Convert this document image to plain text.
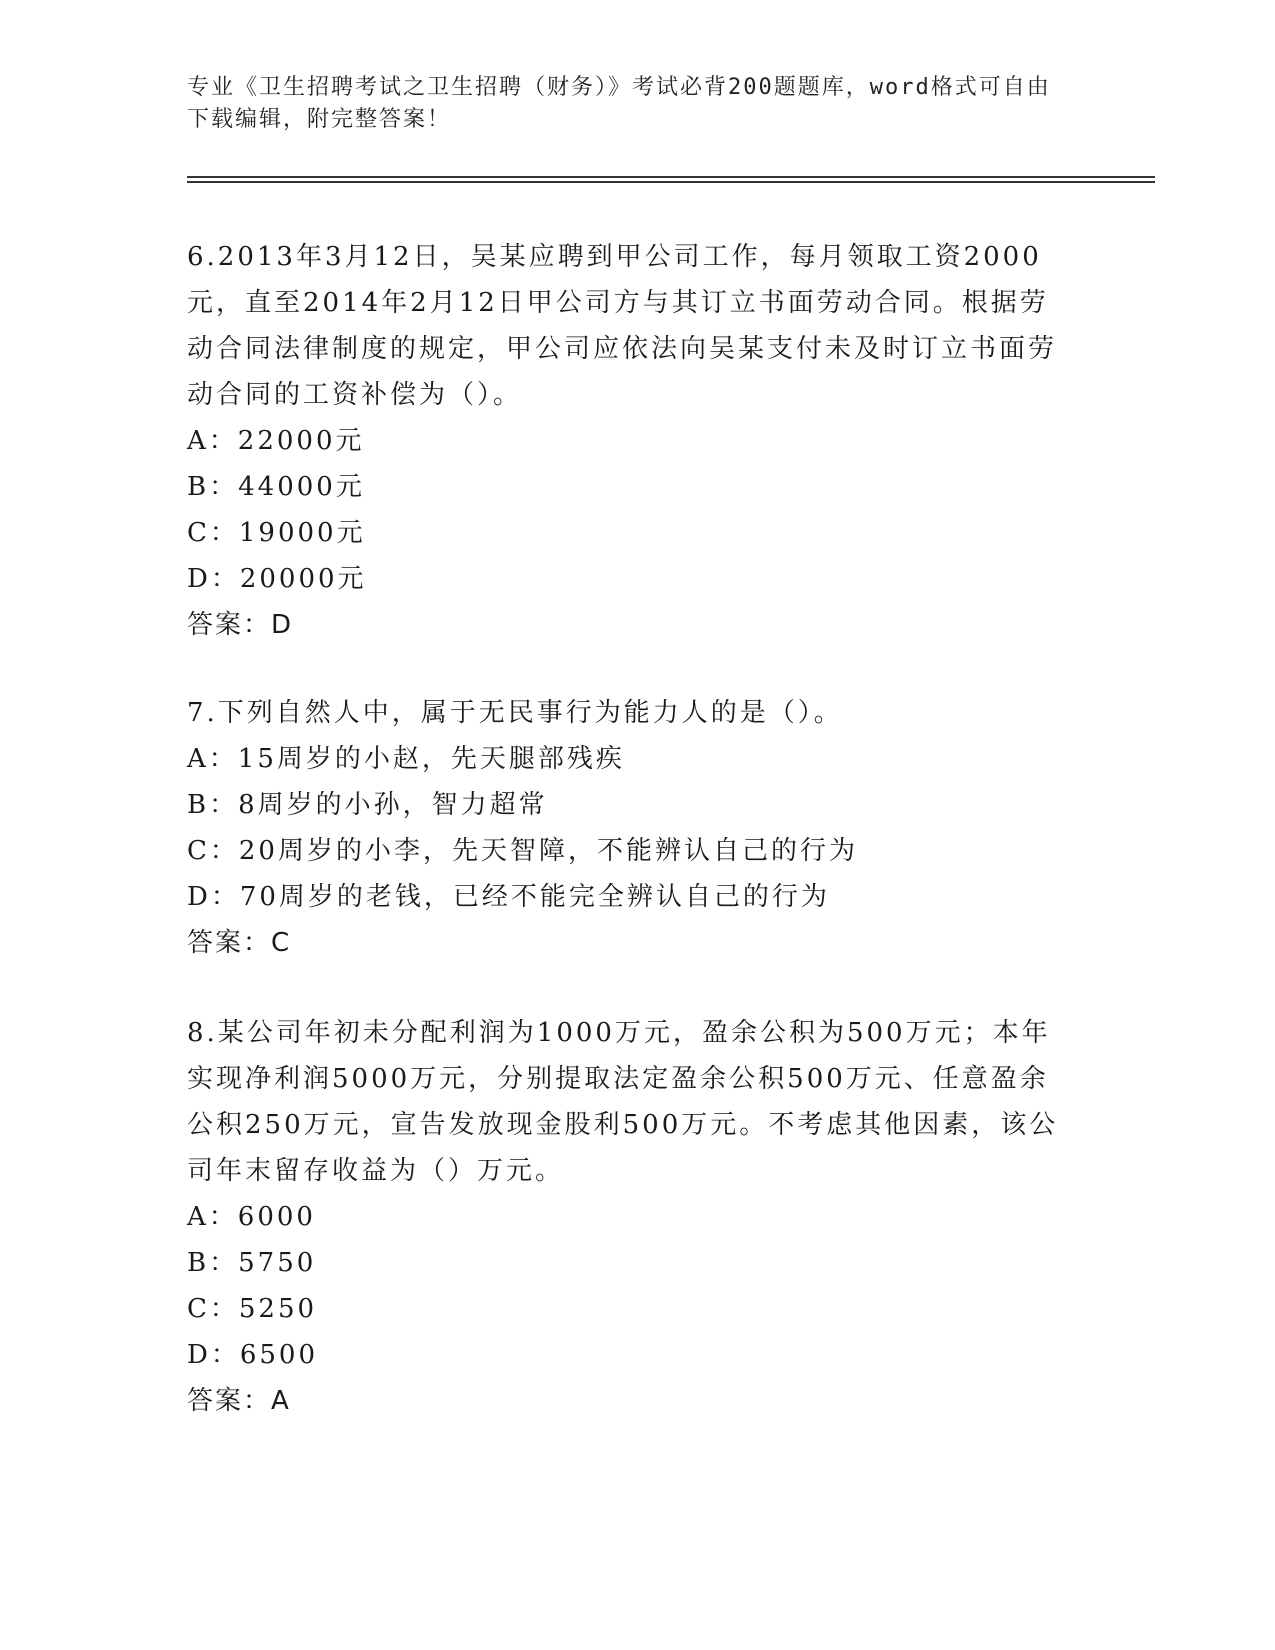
专业《卫生招聘考试之卫生招聘（财务）》考试必背200题题库，word格式可自由下载编辑，附完整答案！
6.2013年3月12日，吴某应聘到甲公司工作，每月领取工资2000元，直至2014年2月12日甲公司方与其订立书面劳动合同。根据劳动合同法律制度的规定，甲公司应依法向吴某支付未及时订立书面劳动合同的工资补偿为（）。
A：22000元
B：44000元
C：19000元
D：20000元
答案：D
7.下列自然人中，属于无民事行为能力人的是（）。
A：15周岁的小赵，先天腿部残疾
B：8周岁的小孙，智力超常
C：20周岁的小李，先天智障，不能辨认自己的行为
D：70周岁的老钱，已经不能完全辨认自己的行为
答案：C
8.某公司年初未分配利润为1000万元，盈余公积为500万元；本年实现净利润5000万元，分别提取法定盈余公积500万元、任意盈余公积250万元，宣告发放现金股利500万元。不考虑其他因素，该公司年末留存收益为（）万元。
A：6000
B：5750
C：5250
D：6500
答案：A
